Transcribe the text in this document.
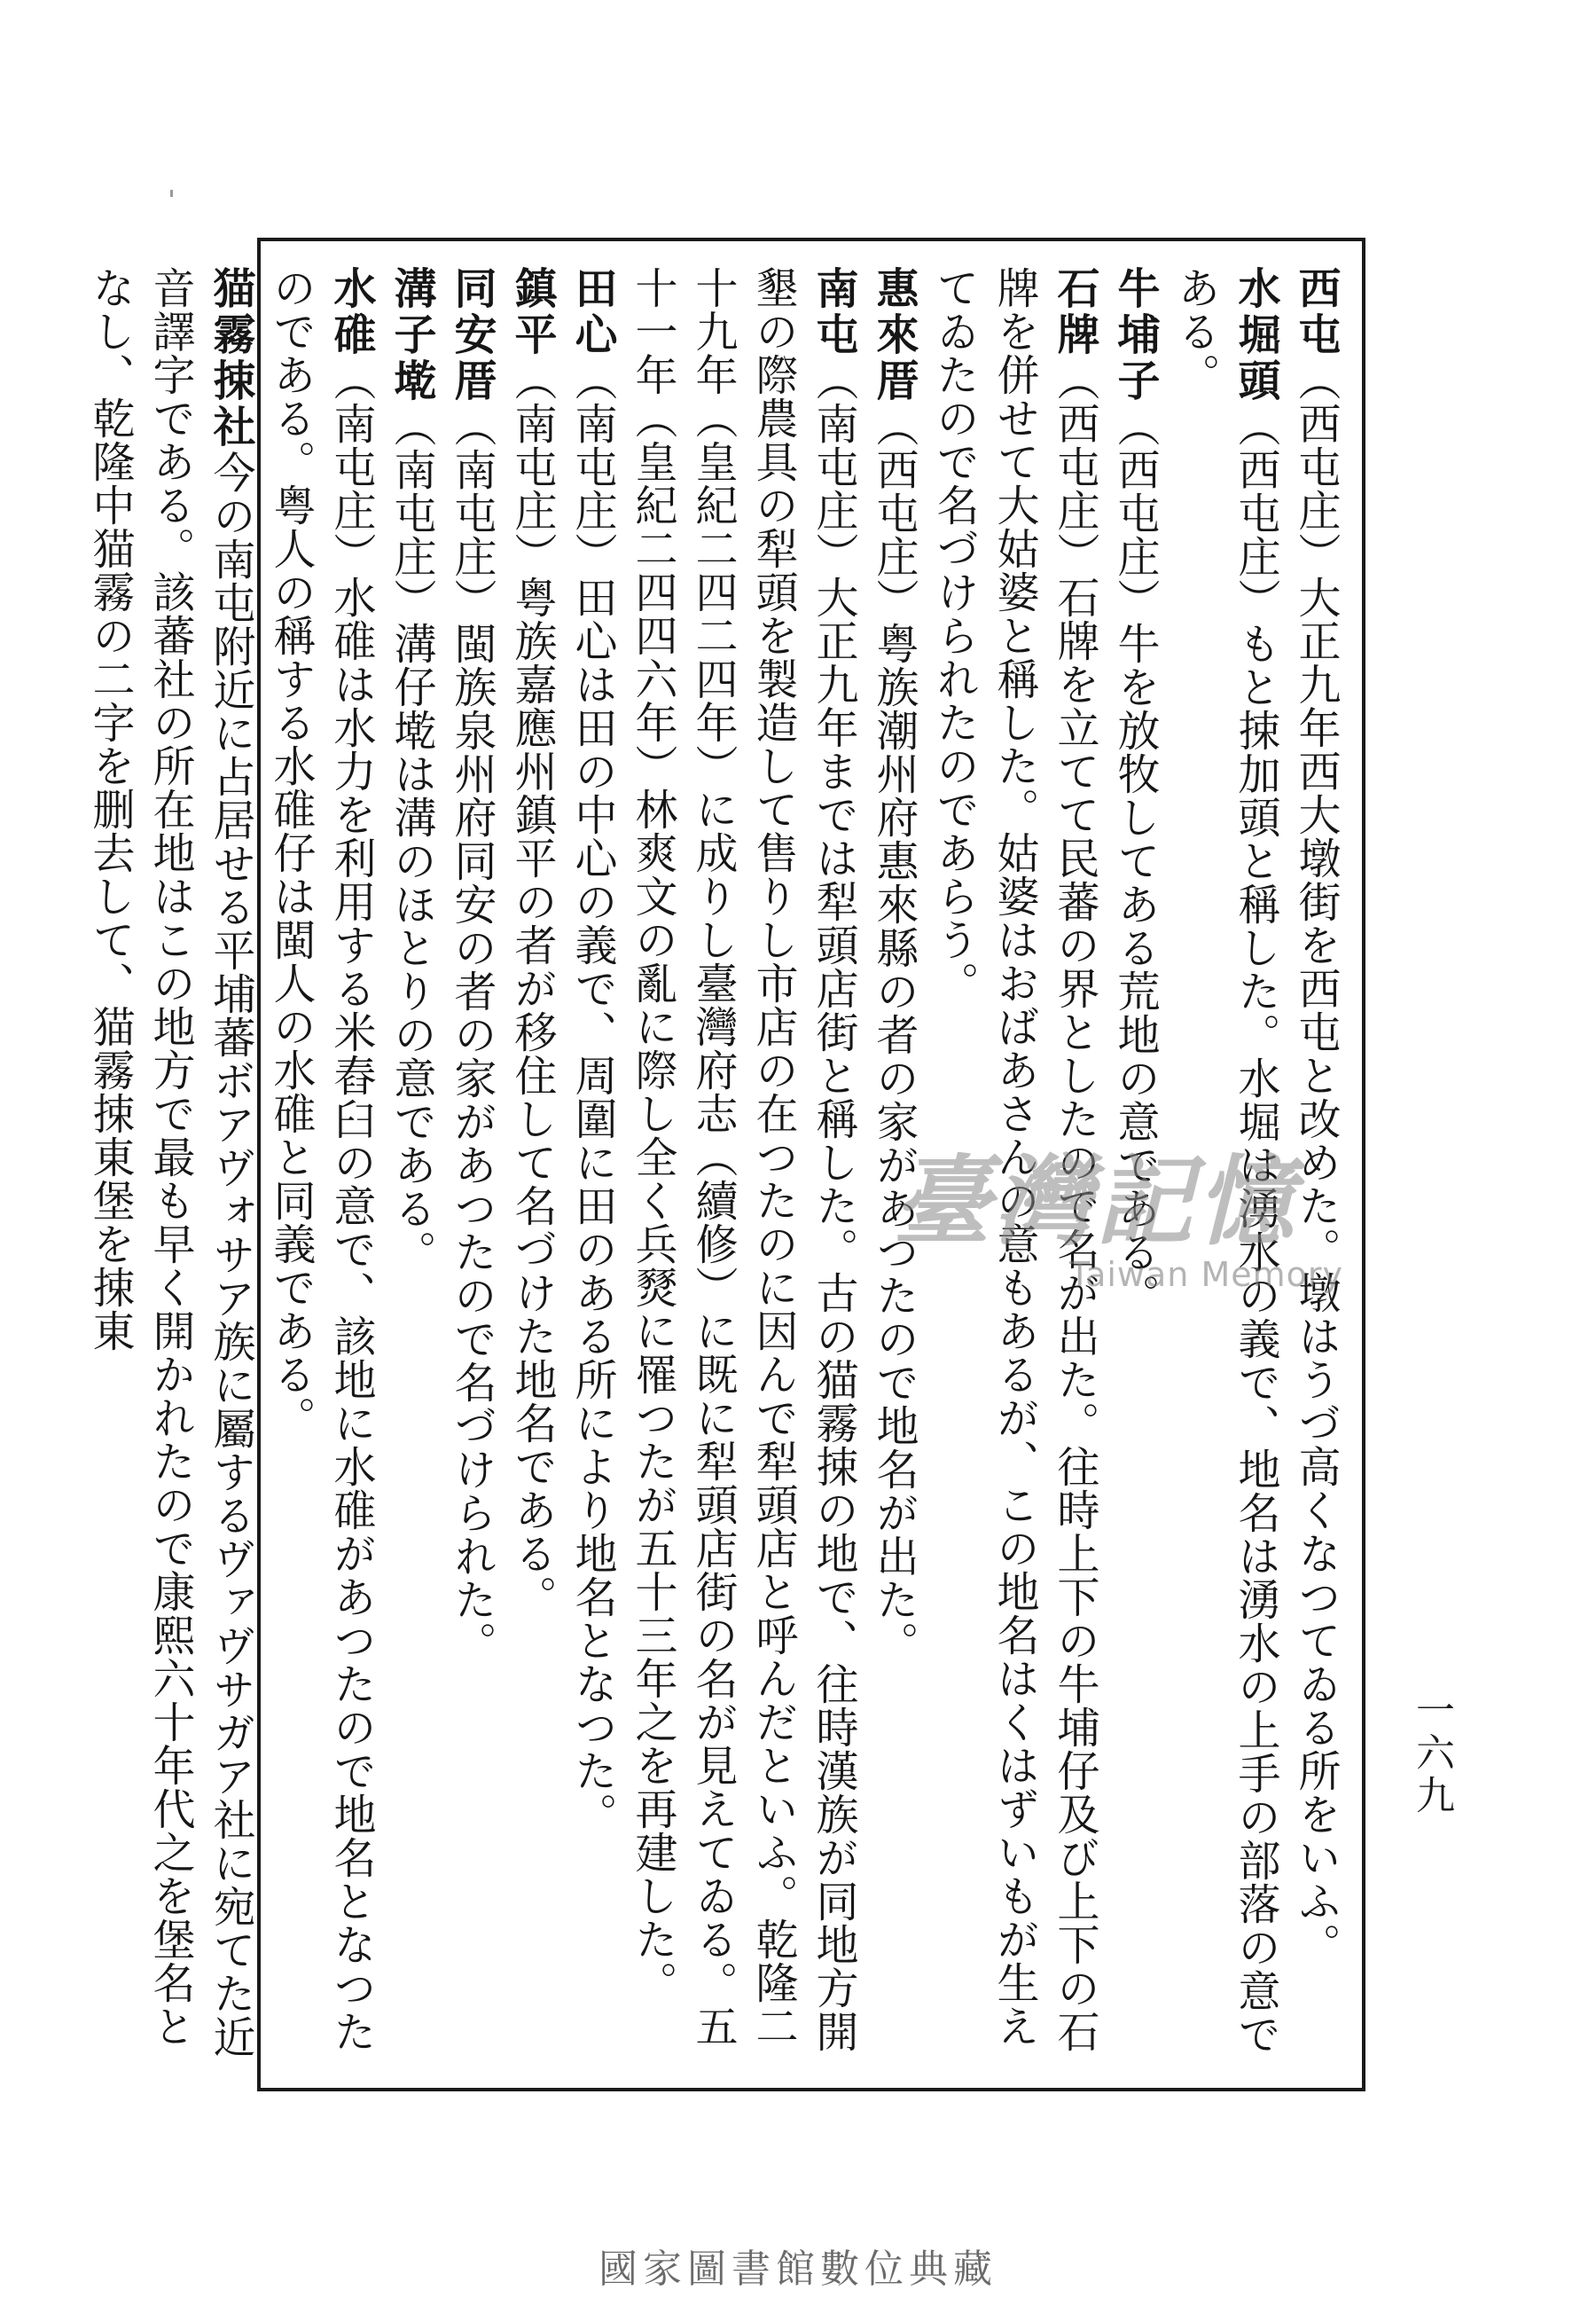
西屯（西屯庄）大正九年西大墩街を西屯と改めた。墩はうづ高くなつてゐる所をいふ。

水堀頭（西屯庄）もと捒加頭と稱した。水堀は湧水の義で、地名は湧水の上手の部落の意である。

牛埔子（西屯庄）牛を放牧してある荒地の意である。

石牌（西屯庄）石牌を立てて民蕃の界としたので名が出た。往時上下の牛埔仔及び上下の石牌を併せて大姑婆と稱した。姑婆はおばあさんの意もあるが、この地名はくはずいもが生えてゐたので名づけられたのであらう。

惠來厝（西屯庄）粤族潮州府惠來縣の者の家があつたので地名が出た。

南屯（南屯庄）大正九年までは犁頭店街と稱した。古の猫霧捒の地で、往時漢族が同地方開墾の際農具の犁頭を製造して售りし市店の在つたのに因んで犁頭店と呼んだといふ。乾隆二十九年（皇紀二四二四年）に成りし臺灣府志（續修）に既に犁頭店街の名が見えてゐる。五十一年（皇紀二四四六年）林爽文の亂に際し全く兵燹に罹つたが五十三年之を再建した。

田心（南屯庄）田心は田の中心の義で、周圍に田のある所により地名となつた。

鎮平（南屯庄）粤族嘉應州鎮平の者が移住して名づけた地名である。

同安厝（南屯庄）閩族泉州府同安の者の家があつたので名づけられた。

溝子墘（南屯庄）溝仔墘は溝のほとりの意である。

水碓（南屯庄）水碓は水力を利用する米舂臼の意で、該地に水碓があつたので地名となつたのである。粤人の稱する水碓仔は閩人の水碓と同義である。

猫霧捒社今の南屯附近に占居せる平埔蕃ボアヴォサア族に屬するヴァヴサガア社に宛てた近音譯字である。該蕃社の所在地はこの地方で最も早く開かれたので康熙六十年代之を堡名となし、乾隆中猫霧の二字を删去して、猫霧捒東堡を捒東	臺灣記憶
Taiwan Memory
一六九
國家圖書館數位典藏
